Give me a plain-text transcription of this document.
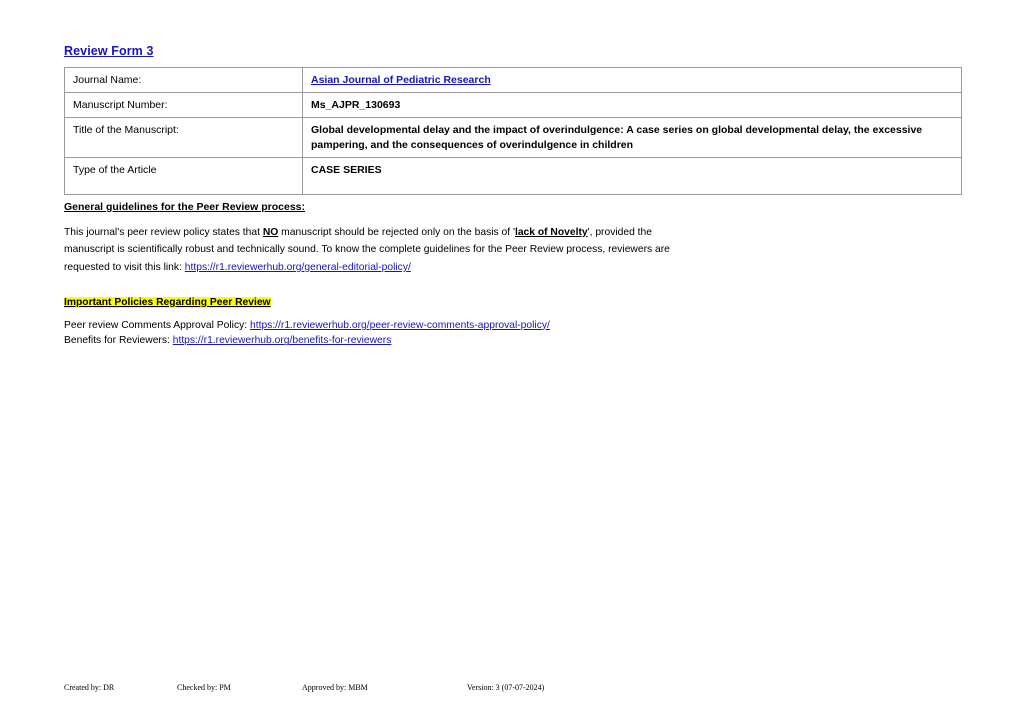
Review Form 3
Journal Name:	Asian Journal of Pediatric Research
Manuscript Number:	Ms_AJPR_130693
Title of the Manuscript:	Global developmental delay and the impact of overindulgence: A case series on global developmental delay, the excessive pampering, and the consequences of overindulgence in children
Type of the Article	CASE SERIES
General guidelines for the Peer Review process:

This journal's peer review policy states that NO manuscript should be rejected only on the basis of 'lack of Novelty', provided the manuscript is scientifically robust and technically sound. To know the complete guidelines for the Peer Review process, reviewers are requested to visit this link: https://r1.reviewerhub.org/general-editorial-policy/

Important Policies Regarding Peer Review

Peer review Comments Approval Policy: https://r1.reviewerhub.org/peer-review-comments-approval-policy/

Benefits for Reviewers: https://r1.reviewerhub.org/benefits-for-reviewers

Created by: DR	Checked by: PM	Approved by: MBM	Version: 3 (07-07-2024)
